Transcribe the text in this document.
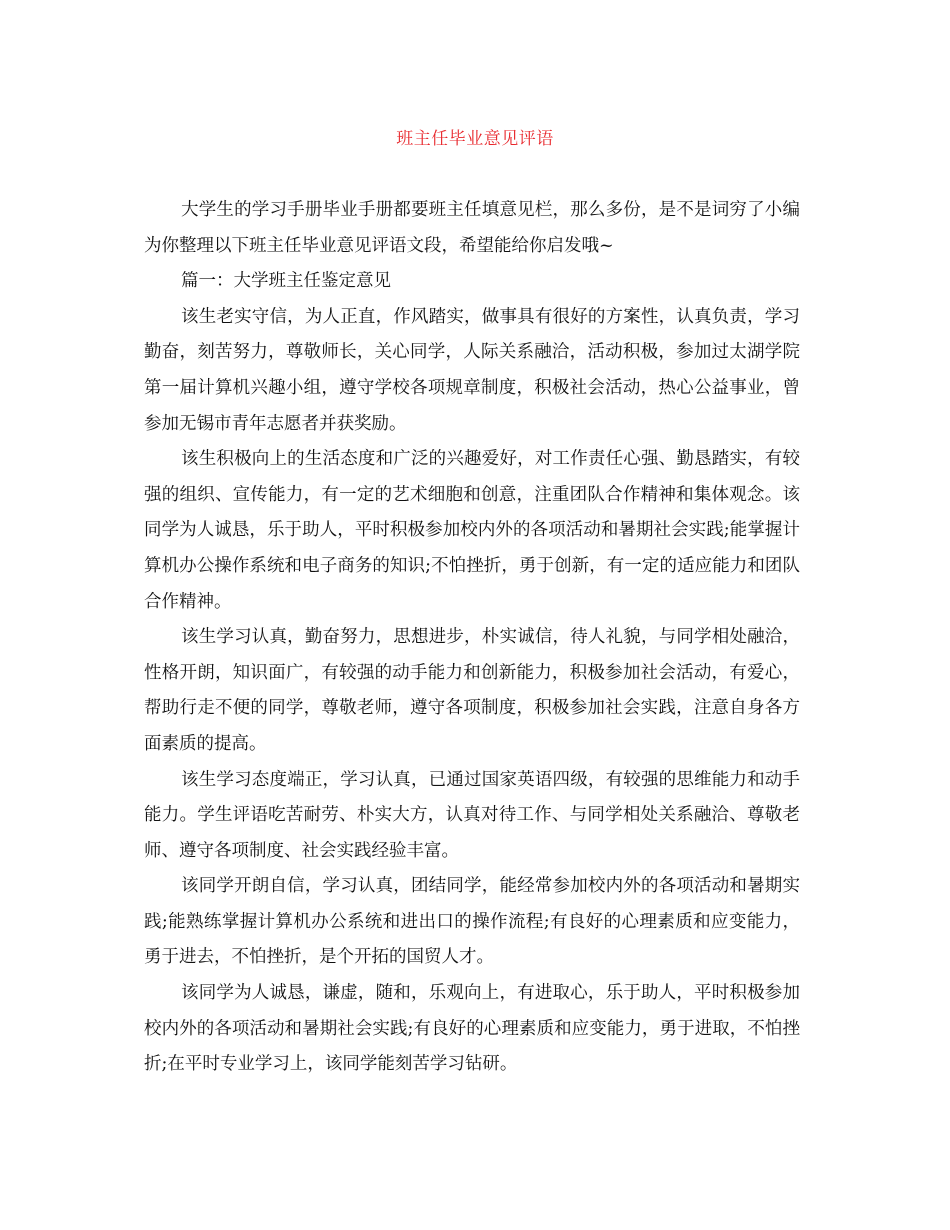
班主任毕业意见评语

大学生的学习手册毕业手册都要班主任填意见栏，那么多份，是不是词穷了小编为你整理以下班主任毕业意见评语文段，希望能给你启发哦~

篇一：大学班主任鉴定意见

该生老实守信，为人正直，作风踏实，做事具有很好的方案性，认真负责，学习勤奋，刻苦努力，尊敬师长，关心同学，人际关系融洽，活动积极，参加过太湖学院 第一届计算机兴趣小组，遵守学校各项规章制度，积极社会活动，热心公益事业，曾参加无锡市青年志愿者并获奖励。

该生积极向上的生活态度和广泛的兴趣爱好，对工作责任心强、勤恳踏实，有较强的组织、宣传能力，有一定的艺术细胞和创意，注重团队合作精神和集体观念。该同学为人诚恳，乐于助人，平时积极参加校内外的各项活动和暑期社会实践;能掌握计算机办公操作系统和电子商务的知识;不怕挫折，勇于创新，有一定的适应能力和团队合作精神。

该生学习认真，勤奋努力，思想进步，朴实诚信，待人礼貌，与同学相处融洽，性格开朗，知识面广，有较强的动手能力和创新能力，积极参加社会活动，有爱心，帮助行走不便的同学，尊敬老师，遵守各项制度，积极参加社会实践，注意自身各方面素质的提高。

该生学习态度端正，学习认真，已通过国家英语四级，有较强的思维能力和动手能力。学生评语吃苦耐劳、朴实大方，认真对待工作、与同学相处关系融洽、尊敬老师、遵守各项制度、社会实践经验丰富。

该同学开朗自信，学习认真，团结同学，能经常参加校内外的各项活动和暑期实践;能熟练掌握计算机办公系统和进出口的操作流程;有良好的心理素质和应变能力，勇于进去，不怕挫折，是个开拓的国贸人才。

该同学为人诚恳，谦虚，随和，乐观向上，有进取心，乐于助人，平时积极参加校内外的各项活动和暑期社会实践;有良好的心理素质和应变能力，勇于进取，不怕挫折;在平时专业学习上，该同学能刻苦学习钻研。
